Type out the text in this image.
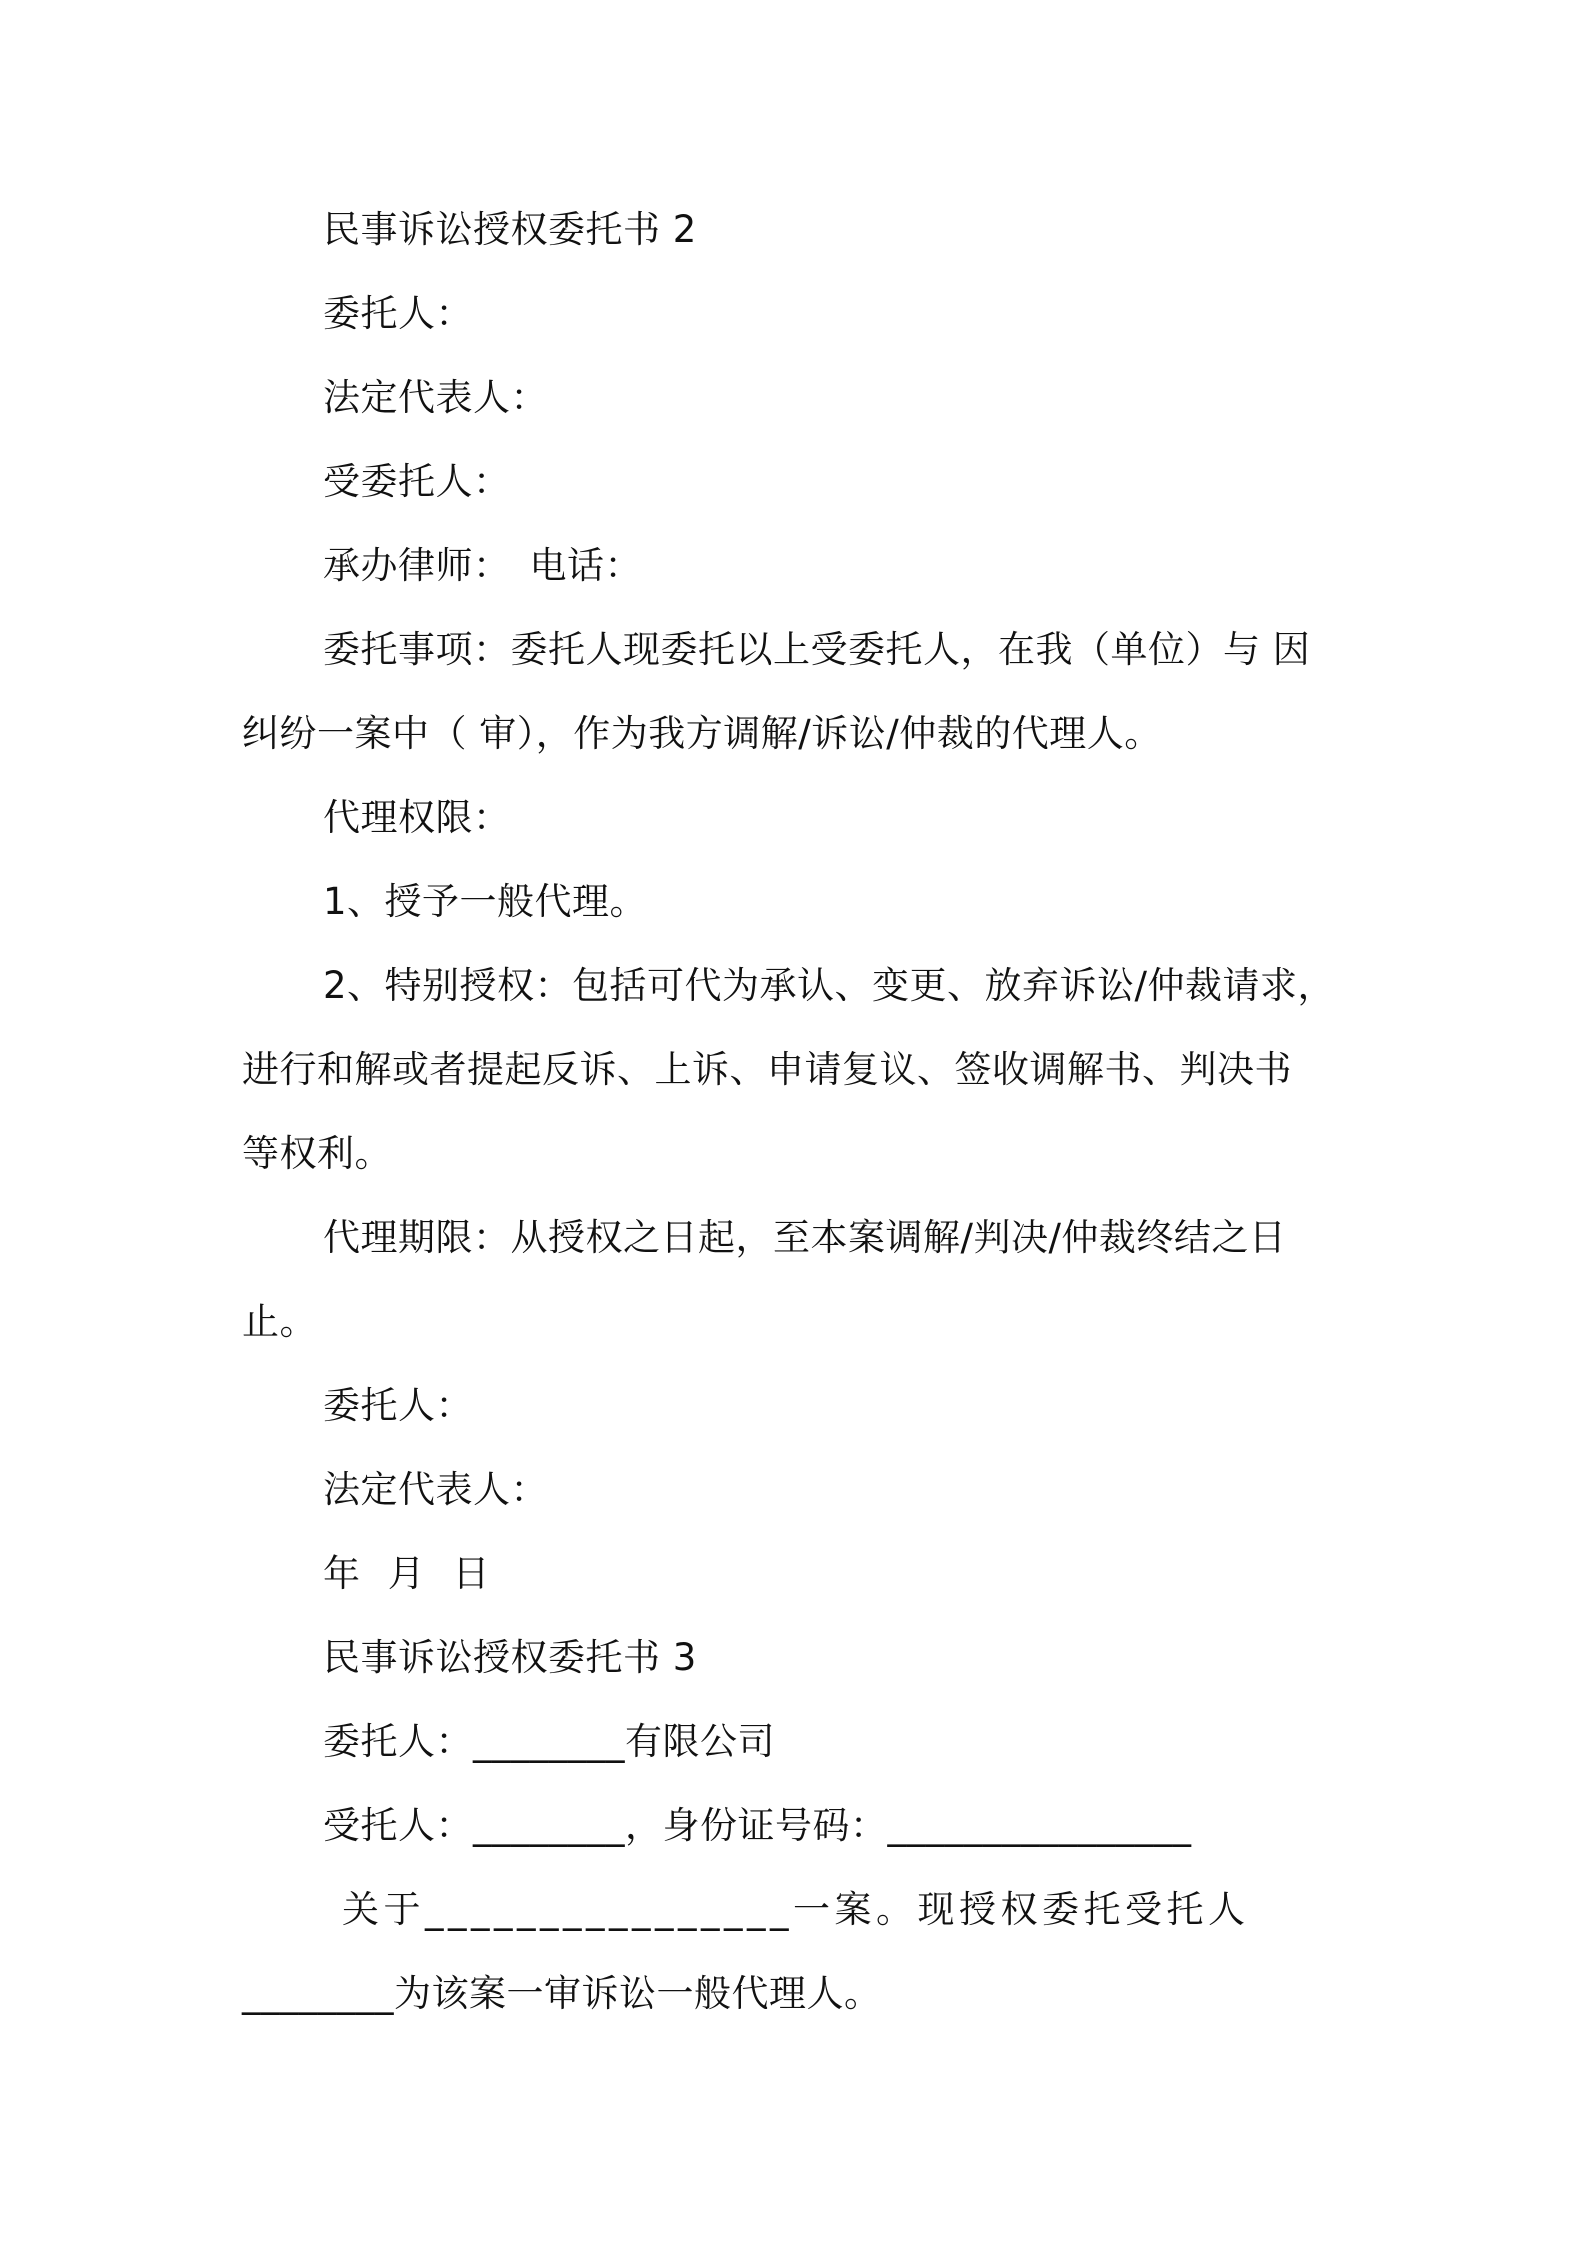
民事诉讼授权委托书 2
委托人：
法定代表人：
受委托人：
承办律师：　电话：
委托事项：委托人现委托以上受委托人，在我（单位）与 因
纠纷一案中（ 审），作为我方调解/诉讼/仲裁的代理人。
代理权限：
1、授予一般代理。
2、特别授权：包括可代为承认、变更、放弃诉讼/仲裁请求，
进行和解或者提起反诉、上诉、申请复议、签收调解书、判决书
等权利。
代理期限：从授权之日起，至本案调解/判决/仲裁终结之日
止。
委托人：
法定代表人：
年 月 日
民事诉讼授权委托书 3
委托人：________有限公司
受托人：________，身份证号码：________________
关于________________一案。现授权委托受托人
________为该案一审诉讼一般代理人。
